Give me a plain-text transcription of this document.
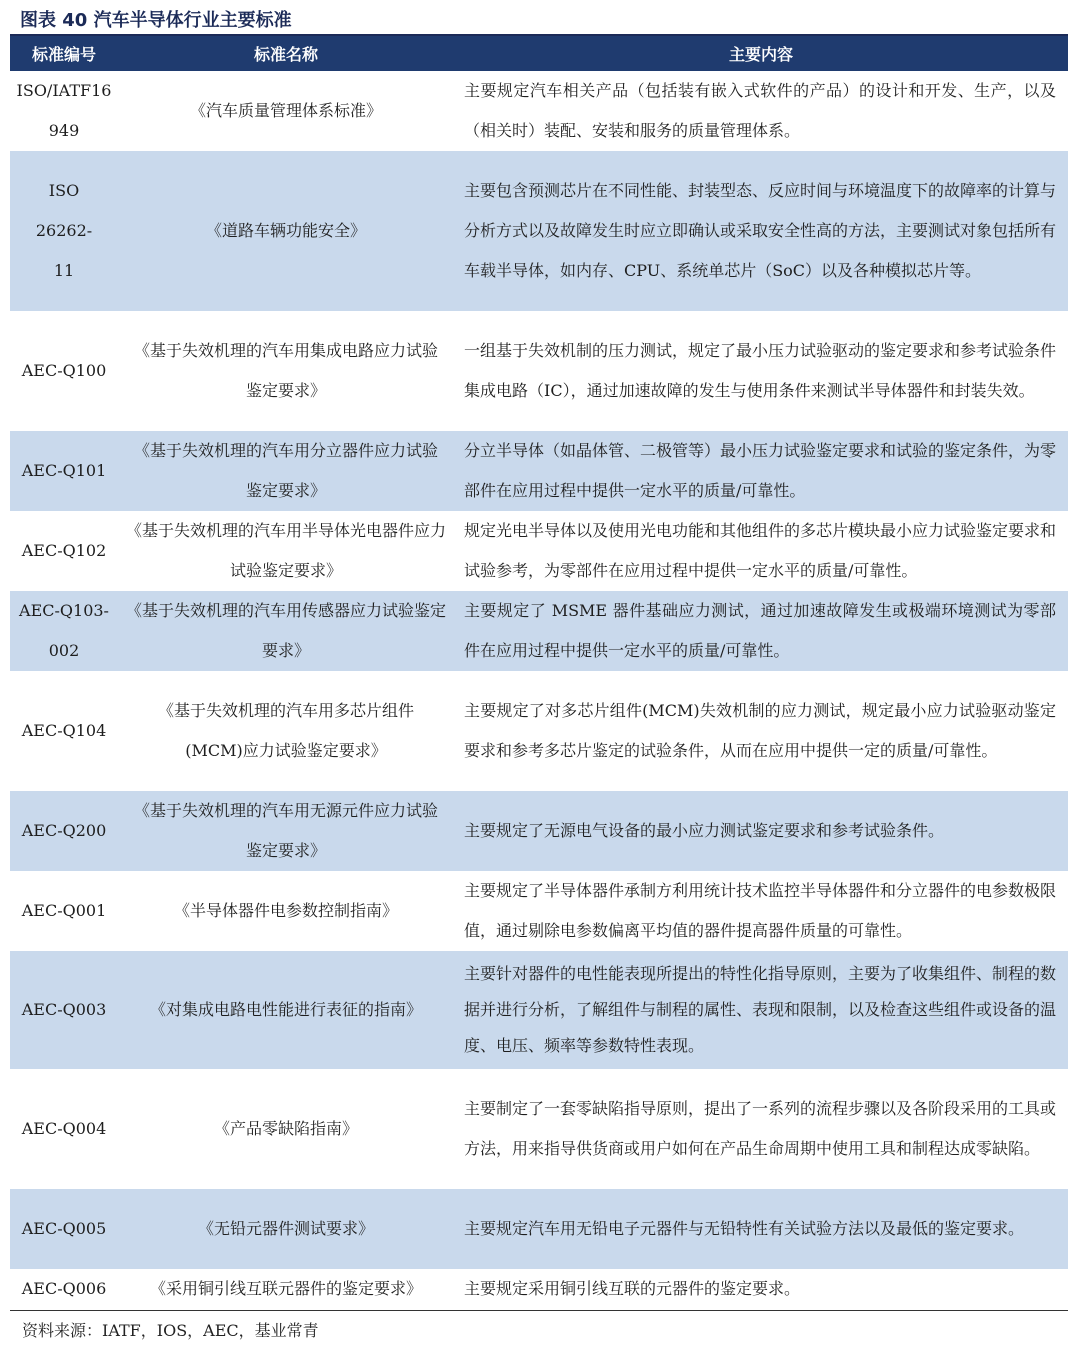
图表 40 汽车半导体行业主要标准
标准编号	标准名称	主要内容
ISO/IATF16949	《汽车质量管理体系标准》	主要规定汽车相关产品（包括装有嵌入式软件的产品）的设计和开发、生产，以及（相关时）装配、安装和服务的质量管理体系。
ISO 26262-11	《道路车辆功能安全》	主要包含预测芯片在不同性能、封装型态、反应时间与环境温度下的故障率的计算与分析方式以及故障发生时应立即确认或采取安全性高的方法，主要测试对象包括所有车载半导体，如内存、CPU、系统单芯片（SoC）以及各种模拟芯片等。
AEC-Q100	《基于失效机理的汽车用集成电路应力试验鉴定要求》	一组基于失效机制的压力测试，规定了最小压力试验驱动的鉴定要求和参考试验条件集成电路（IC），通过加速故障的发生与使用条件来测试半导体器件和封装失效。
AEC-Q101	《基于失效机理的汽车用分立器件应力试验鉴定要求》	分立半导体（如晶体管、二极管等）最小压力试验鉴定要求和试验的鉴定条件，为零部件在应用过程中提供一定水平的质量/可靠性。
AEC-Q102	《基于失效机理的汽车用半导体光电器件应力试验鉴定要求》	规定光电半导体以及使用光电功能和其他组件的多芯片模块最小应力试验鉴定要求和试验参考，为零部件在应用过程中提供一定水平的质量/可靠性。
AEC-Q103-002	《基于失效机理的汽车用传感器应力试验鉴定要求》	主要规定了 MSME 器件基础应力测试，通过加速故障发生或极端环境测试为零部件在应用过程中提供一定水平的质量/可靠性。
AEC-Q104	《基于失效机理的汽车用多芯片组件(MCM)应力试验鉴定要求》	主要规定了对多芯片组件(MCM)失效机制的应力测试，规定最小应力试验驱动鉴定要求和参考多芯片鉴定的试验条件，从而在应用中提供一定的质量/可靠性。
AEC-Q200	《基于失效机理的汽车用无源元件应力试验鉴定要求》	主要规定了无源电气设备的最小应力测试鉴定要求和参考试验条件。
AEC-Q001	《半导体器件电参数控制指南》	主要规定了半导体器件承制方利用统计技术监控半导体器件和分立器件的电参数极限值，通过剔除电参数偏离平均值的器件提高器件质量的可靠性。
AEC-Q003	《对集成电路电性能进行表征的指南》	主要针对器件的电性能表现所提出的特性化指导原则，主要为了收集组件、制程的数据并进行分析，了解组件与制程的属性、表现和限制，以及检查这些组件或设备的温度、电压、频率等参数特性表现。
AEC-Q004	《产品零缺陷指南》	主要制定了一套零缺陷指导原则，提出了一系列的流程步骤以及各阶段采用的工具或方法，用来指导供货商或用户如何在产品生命周期中使用工具和制程达成零缺陷。
AEC-Q005	《无铅元器件测试要求》	主要规定汽车用无铅电子元器件与无铅特性有关试验方法以及最低的鉴定要求。
AEC-Q006	《采用铜引线互联元器件的鉴定要求》	主要规定采用铜引线互联的元器件的鉴定要求。
资料来源：IATF，IOS，AEC，基业常青
